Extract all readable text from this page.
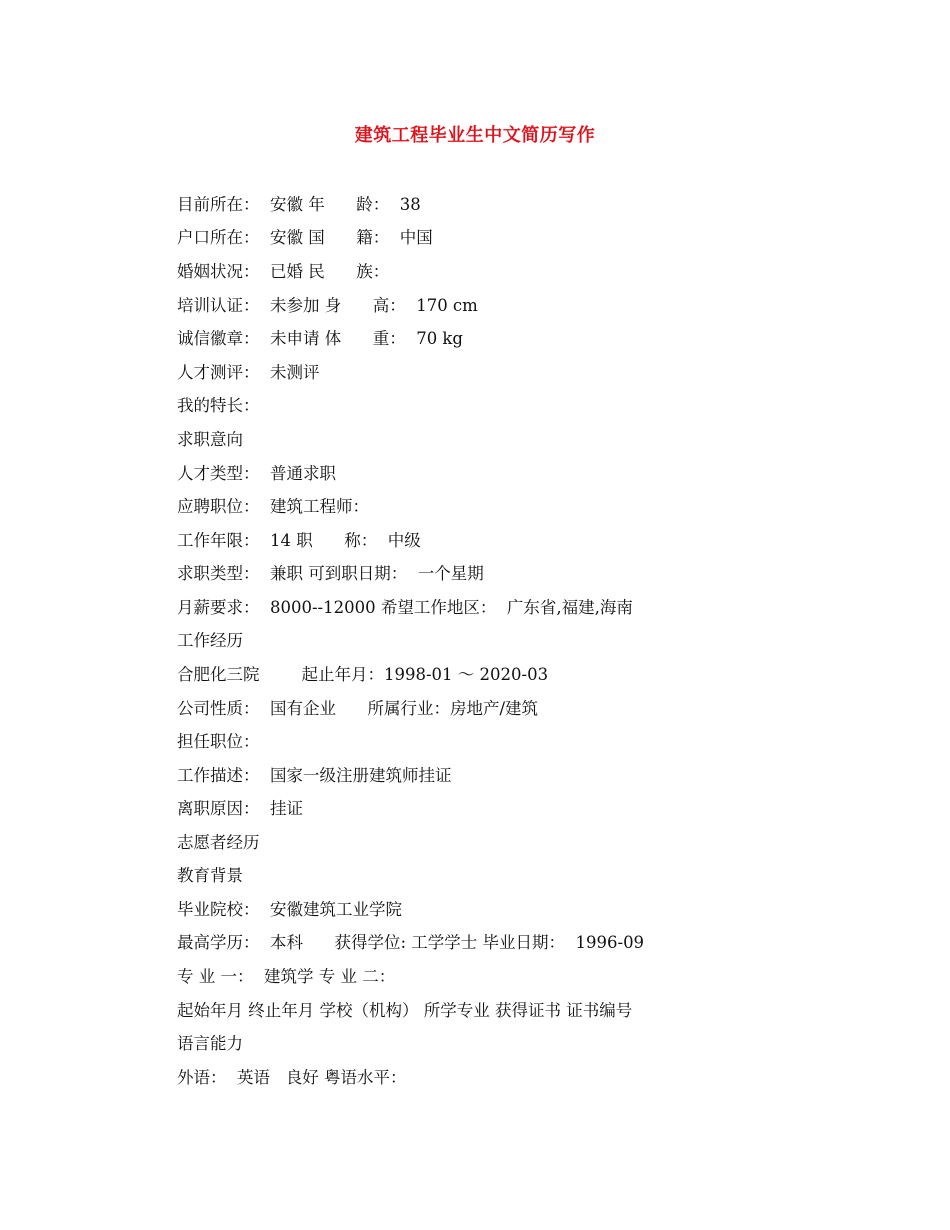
建筑工程毕业生中文简历写作
目前所在：  安徽 年      龄：  38
户口所在：  安徽 国      籍：  中国
婚姻状况：  已婚 民      族：
培训认证：  未参加 身      高：  170 cm
诚信徽章：  未申请 体      重：  70 kg
人才测评：  未测评
我的特长：
求职意向
人才类型：  普通求职
应聘职位：  建筑工程师：
工作年限：  14 职      称：  中级
求职类型：  兼职 可到职日期：  一个星期
月薪要求：  8000--12000 希望工作地区：  广东省,福建,海南
工作经历
合肥化三院        起止年月：1998-01 ～ 2020-03
公司性质：  国有企业      所属行业：房地产/建筑
担任职位：
工作描述：  国家一级注册建筑师挂证
离职原因：  挂证
志愿者经历
教育背景
毕业院校：  安徽建筑工业学院
最高学历：  本科      获得学位: 工学学士 毕业日期：  1996-09
专 业 一：  建筑学 专 业 二：
起始年月 终止年月 学校（机构） 所学专业 获得证书 证书编号
语言能力
外语：  英语   良好 粤语水平：
